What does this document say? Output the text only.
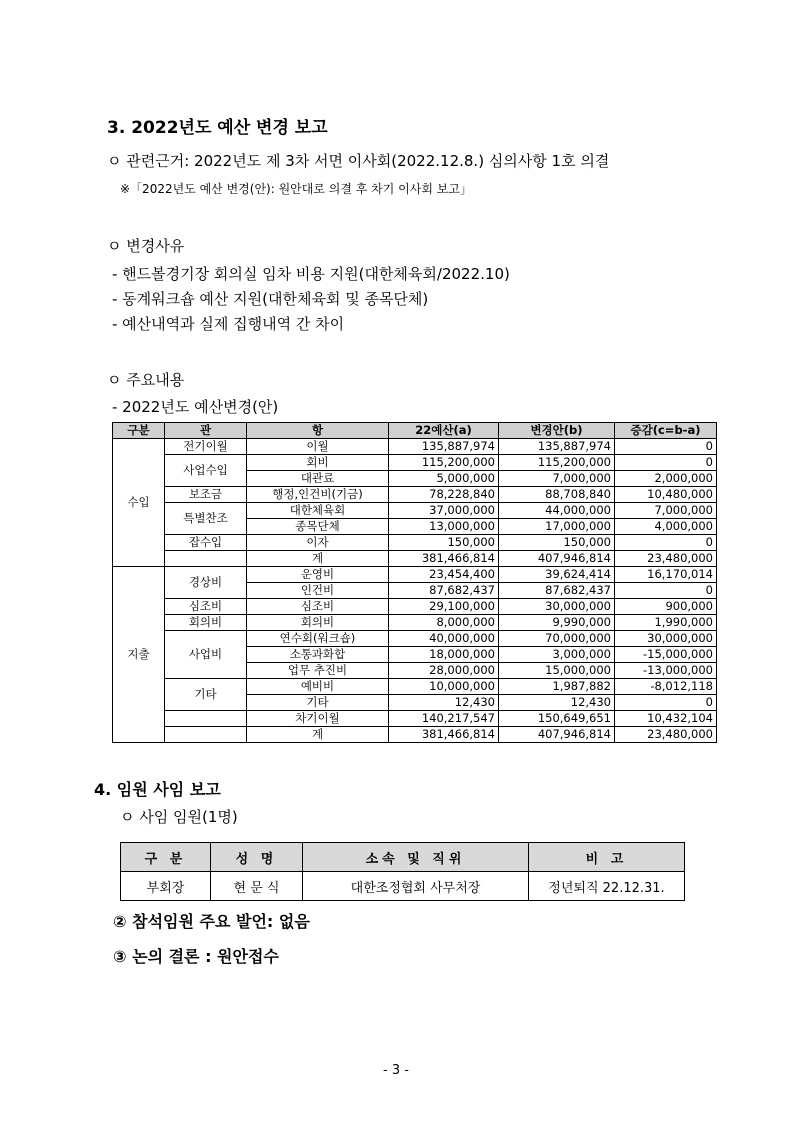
3. 2022년도 예산 변경 보고
ㅇ 관련근거: 2022년도 제 3차 서면 이사회(2022.12.8.) 심의사항 1호 의결
※「2022년도 예산 변경(안): 원안대로 의결 후 차기 이사회 보고」
ㅇ 변경사유
- 핸드볼경기장 회의실 임차 비용 지원(대한체육회/2022.10)
- 동계워크숍 예산 지원(대한체육회 및 종목단체)
- 예산내역과 실제 집행내역 간 차이
ㅇ 주요내용
- 2022년도 예산변경(안)
구분	관	항	22예산(a)	변경안(b)	증감(c=b-a)
수입	전기이월	이월	135,887,974	135,887,974	0
	사업수입	회비	115,200,000	115,200,000	0
		대관료	5,000,000	7,000,000	2,000,000
	보조금	행정,인건비(기금)	78,228,840	88,708,840	10,480,000
	특별찬조	대한체육회	37,000,000	44,000,000	7,000,000
		종목단체	13,000,000	17,000,000	4,000,000
	잡수입	이자	150,000	150,000	0
		계	381,466,814	407,946,814	23,480,000
지출	경상비	운영비	23,454,400	39,624,414	16,170,014
		인건비	87,682,437	87,682,437	0
	심조비	심조비	29,100,000	30,000,000	900,000
	회의비	회의비	8,000,000	9,990,000	1,990,000
	사업비	연수회(워크숍)	40,000,000	70,000,000	30,000,000
		소통과화합	18,000,000	3,000,000	-15,000,000
		업무 추진비	28,000,000	15,000,000	-13,000,000
	기타	예비비	10,000,000	1,987,882	-8,012,118
		기타	12,430	12,430	0
		차기이월	140,217,547	150,649,651	10,432,104
		계	381,466,814	407,946,814	23,480,000
4. 임원 사임 보고
ㅇ 사임 임원(1명)
구 분	성 명	소속 및 직위	비 고
부회장	현 문 식	대한조정협회 사무처장	정년퇴직 22.12.31.
② 참석임원 주요 발언: 없음
③ 논의 결론 : 원안접수
- 3 -
